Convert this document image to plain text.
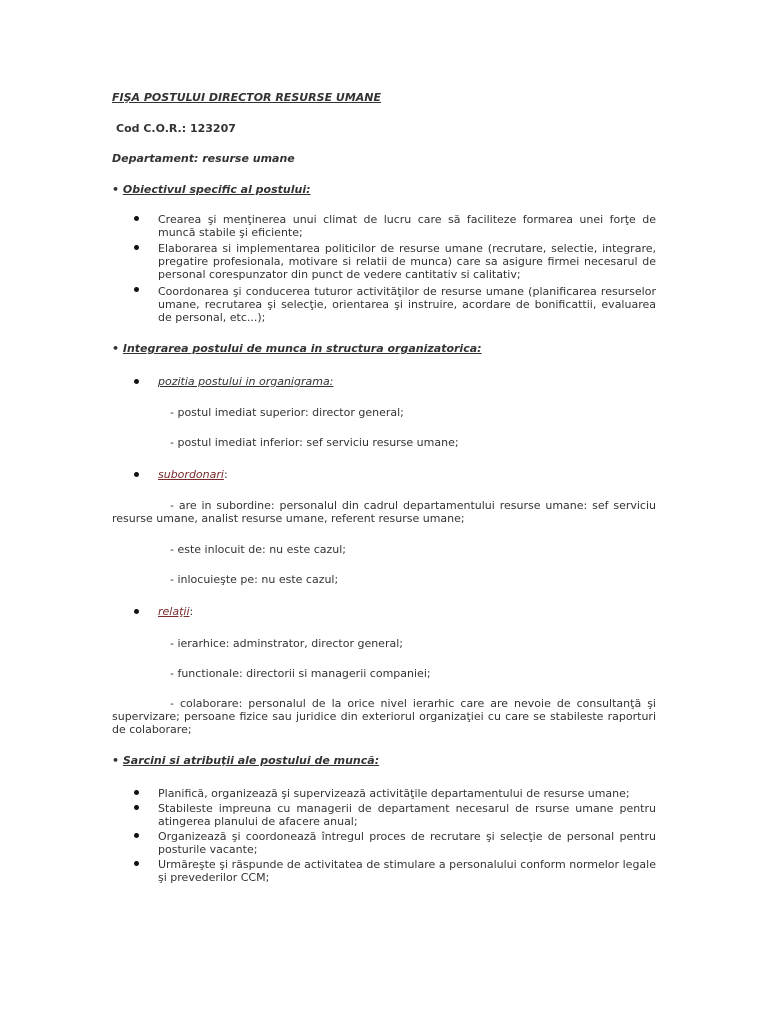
FIŞA POSTULUI DIRECTOR RESURSE UMANE
Cod C.O.R.: 123207
Departament: resurse umane
• Obiectivul specific al postului:
Crearea şi menţinerea unui climat de lucru care să faciliteze formarea unei forţe de muncă stabile şi eficiente;
Elaborarea si implementarea politicilor de resurse umane (recrutare, selectie, integrare, pregatire profesionala, motivare si relatii de munca) care sa asigure firmei necesarul de personal corespunzator din punct de vedere cantitativ si calitativ;
Coordonarea şi conducerea tuturor activităţilor de resurse umane (planificarea resurselor umane, recrutarea şi selecţie, orientarea şi instruire, acordare de bonificattii, evaluarea de personal, etc...);
• Integrarea postului de munca in structura organizatorica:
pozitia postului in organigrama:
- postul imediat superior: director general;
- postul imediat inferior: sef serviciu resurse umane;
subordonari:
- are in subordine: personalul din cadrul departamentului resurse umane: sef serviciu resurse umane, analist resurse umane, referent resurse umane;
- este inlocuit de: nu este cazul;
- inlocuieşte pe: nu este cazul;
relaţii:
- ierarhice: adminstrator, director general;
- functionale: directorii si managerii companiei;
- colaborare: personalul de la orice nivel ierarhic care are nevoie de consultanţă şi supervizare; persoane fizice sau juridice din exteriorul organizaţiei cu care se stabileste raporturi de colaborare;
• Sarcini si atribuţii ale postului de muncă:
Planifică, organizează şi supervizează activităţile departamentului de resurse umane;
Stabileste impreuna cu managerii de departament necesarul de rsurse umane pentru atingerea planului de afacere anual;
Organizează şi coordonează întregul proces de recrutare şi selecţie de personal pentru posturile vacante;
Urmăreşte şi răspunde de activitatea de stimulare a personalului conform normelor legale şi prevederilor CCM;
